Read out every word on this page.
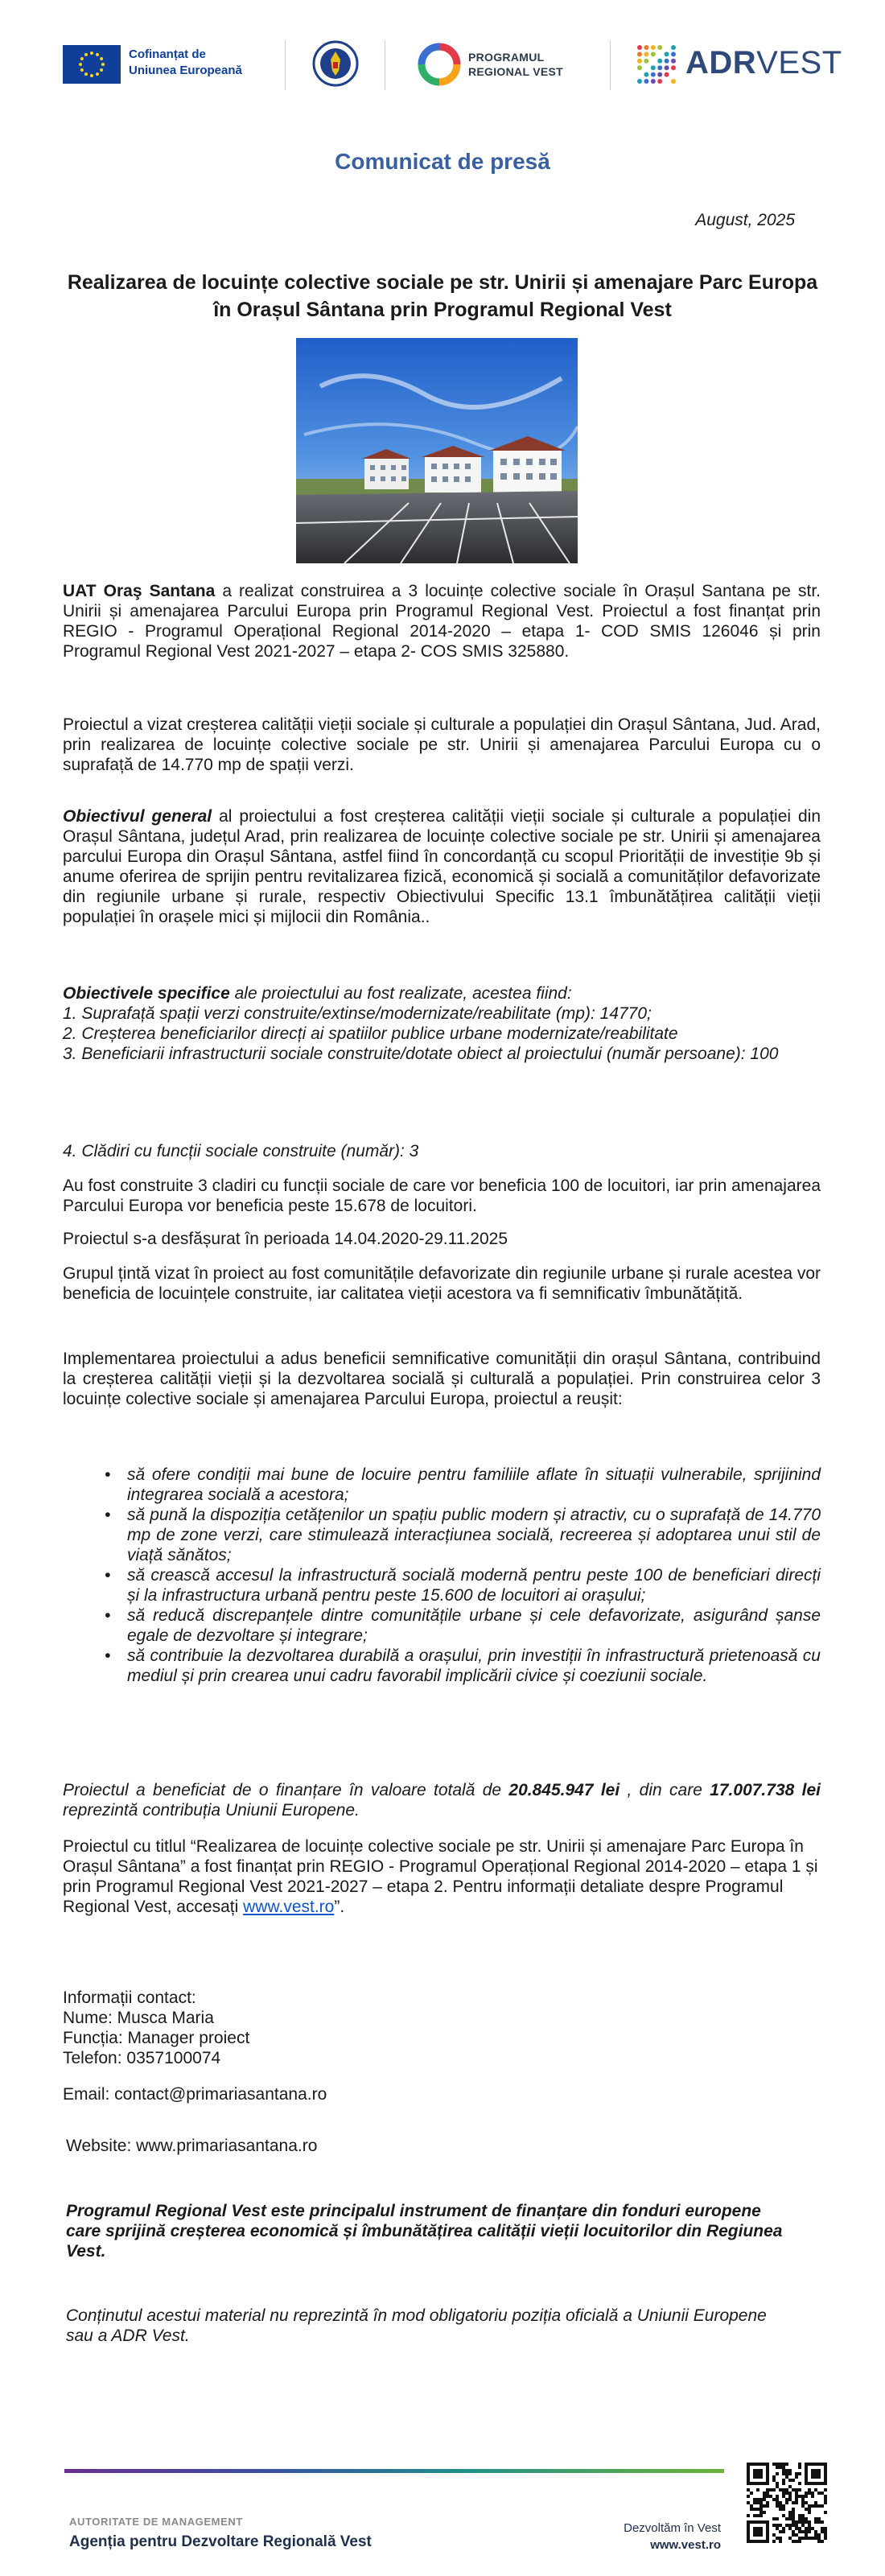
Cofinanțat de
Uniunea Europeană
PROGRAMUL
REGIONAL VEST	ADRVEST
Comunicat de presă
August, 2025
Realizarea de locuințe colective sociale pe str. Unirii și amenajare Parc Europa în Orașul Sântana prin Programul Regional Vest

UAT Oraş Santana a realizat construirea a 3 locuințe colective sociale în Orașul Santana pe str. Unirii și amenajarea Parcului Europa prin Programul Regional Vest. Proiectul a fost finanțat prin REGIO - Programul Operațional Regional 2014-2020 – etapa 1- COD SMIS 126046 și prin Programul Regional Vest 2021-2027 – etapa 2- COS SMIS 325880.

Proiectul a vizat creșterea calității vieții sociale și culturale a populației din Orașul Sântana, Jud. Arad, prin realizarea de locuințe colective sociale pe str. Unirii și amenajarea Parcului Europa cu o suprafață de 14.770 mp de spații verzi.

Obiectivul general al proiectului a fost creșterea calității vieții sociale și culturale a populației din Orașul Sântana, județul Arad, prin realizarea de locuințe colective sociale pe str. Unirii și amenajarea parcului Europa din Orașul Sântana, astfel fiind în concordanță cu scopul Priorității de investiție 9b și anume oferirea de sprijin pentru revitalizarea fizică, economică și socială a comunităților defavorizate din regiunile urbane și rurale, respectiv Obiectivului Specific 13.1 îmbunătățirea calității vieții populației în orașele mici și mijlocii din România..

Obiectivele specifice ale proiectului au fost realizate, acestea fiind:

1. Suprafață spații verzi construite/extinse/modernizate/reabilitate (mp): 14770;

2. Creșterea beneficiarilor direcți ai spatiilor publice urbane modernizate/reabilitate

3. Beneficiarii infrastructurii sociale construite/dotate obiect al proiectului (număr persoane): 100

4. Clădiri cu funcții sociale construite (număr): 3

Au fost construite 3 cladiri cu funcții sociale de care vor beneficia 100 de locuitori, iar prin amenajarea Parcului Europa vor beneficia peste 15.678 de locuitori.

Proiectul s-a desfășurat în perioada 14.04.2020-29.11.2025

Grupul țintă vizat în proiect au fost comunitățile defavorizate din regiunile urbane și rurale acestea vor beneficia de locuințele construite, iar calitatea vieții acestora va fi semnificativ îmbunătățită.

Implementarea proiectului a adus beneficii semnificative comunității din orașul Sântana, contribuind la creșterea calității vieții și la dezvoltarea socială și culturală a populației. Prin construirea celor 3 locuințe colective sociale și amenajarea Parcului Europa, proiectul a reușit:

• să ofere condiții mai bune de locuire pentru familiile aflate în situații vulnerabile, sprijinind integrarea socială a acestora;
• să pună la dispoziția cetățenilor un spațiu public modern și atractiv, cu o suprafață de 14.770 mp de zone verzi, care stimulează interacțiunea socială, recreerea și adoptarea unui stil de viață sănătos;
• să crească accesul la infrastructură socială modernă pentru peste 100 de beneficiari direcți și la infrastructura urbană pentru peste 15.600 de locuitori ai orașului;
• să reducă discrepanțele dintre comunitățile urbane și cele defavorizate, asigurând șanse egale de dezvoltare și integrare;
• să contribuie la dezvoltarea durabilă a orașului, prin investiții în infrastructură prietenoasă cu mediul și prin crearea unui cadru favorabil implicării civice și coeziunii sociale.

Proiectul a beneficiat de o finanțare în valoare totală de 20.845.947 lei , din care 17.007.738 lei reprezintă contribuția Uniunii Europene.

Proiectul cu titlul “Realizarea de locuințe colective sociale pe str. Unirii și amenajare Parc Europa în Orașul Sântana” a fost finanțat prin REGIO - Programul Operațional Regional 2014-2020 – etapa 1 și prin Programul Regional Vest 2021-2027 – etapa 2. Pentru informații detaliate despre Programul Regional Vest, accesați www.vest.ro”.

Informații contact:

Nume: Musca Maria

Funcția: Manager proiect

Telefon: 0357100074

Email: contact@primariasantana.ro
Website: www.primariasantana.ro
Programul Regional Vest este principalul instrument de finanțare din fonduri europene care sprijină creșterea economică și îmbunătățirea calității vieții locuitorilor din Regiunea Vest.
Conținutul acestui material nu reprezintă în mod obligatoriu poziția oficială a Uniunii Europene sau a ADR Vest.
AUTORITATE DE MANAGEMENT
Agenția pentru Dezvoltare Regională Vest
Dezvoltăm în Vest
www.vest.ro
